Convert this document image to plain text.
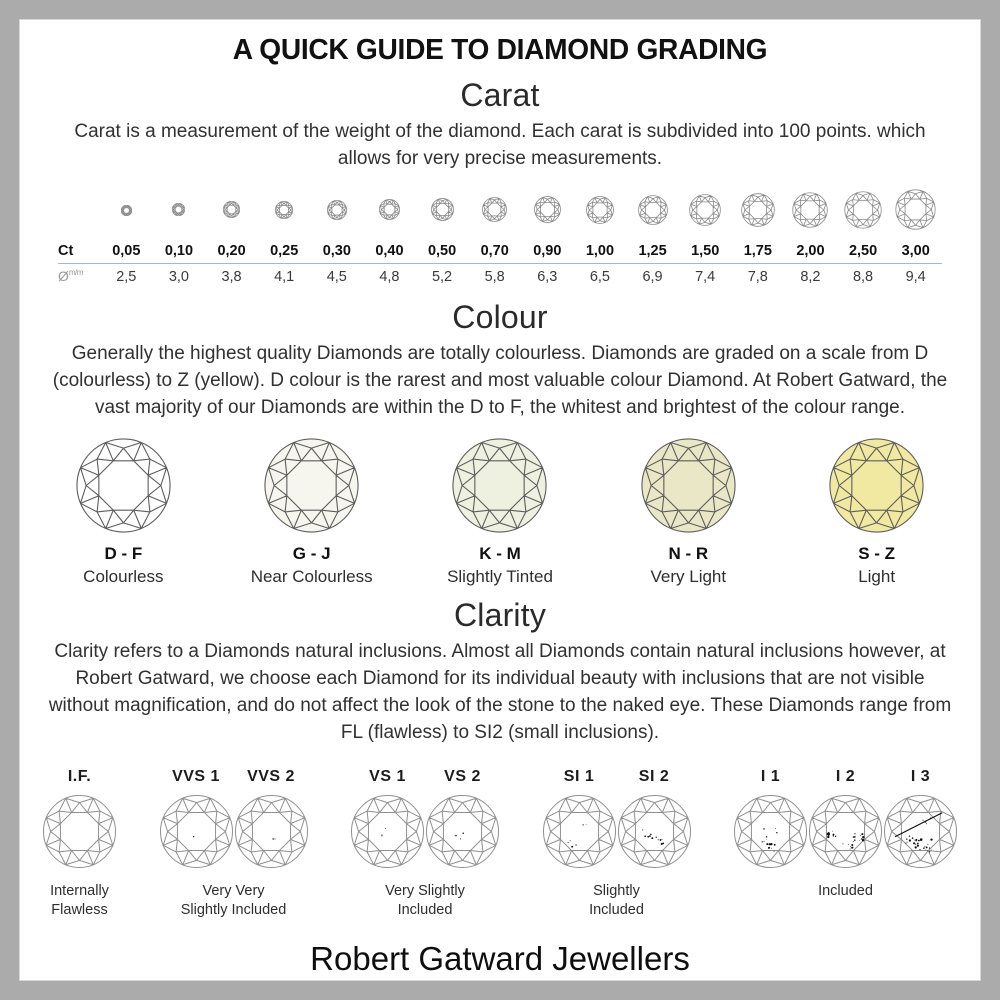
A QUICK GUIDE TO DIAMOND GRADING
Carat

Carat is a measurement of the weight of the diamond. Each carat is subdivided into 100 points. which allows for very precise measurements.

Ct	0,05	0,10	0,20	0,25	0,30	0,40	0,50	0,70	0,90	1,00	1,25	1,50	1,75	2,00	2,50	3,00
$Ø^{m/m}$	2,5	3,0	3,8	4,1	4,5	4,8	5,2	5,8	6,3	6,5	6,9	7,4	7,8	8,2	8,8	9,4
Colour

Generally the highest quality Diamonds are totally colourless. Diamonds are graded on a scale from D (colourless) to Z (yellow). D colour is the rarest and most valuable colour Diamond. At Robert Gatward, the vast majority of our Diamonds are within the D to F, the whitest and brightest of the colour range.

D - F
Colourless
G - J
Near Colourless
K - M
Slightly Tinted
N - R
Very Light
S - Z
Light
Clarity

Clarity refers to a Diamonds natural inclusions. Almost all Diamonds contain natural inclusions however, at Robert Gatward, we choose each Diamond for its individual beauty with inclusions that are not visible without magnification, and do not affect the look of the stone to the naked eye. These Diamonds range from FL (flawless) to SI2 (small inclusions).

I.F.
Internally
Flawless
VVS 1 VVS 2
Very Very
Slightly Included
VS 1 VS 2
Very Slightly
Included
SI 1	SI 2
Slightly
Included
I 1	I 2	I 3
Included
Robert Gatward Jewellers
